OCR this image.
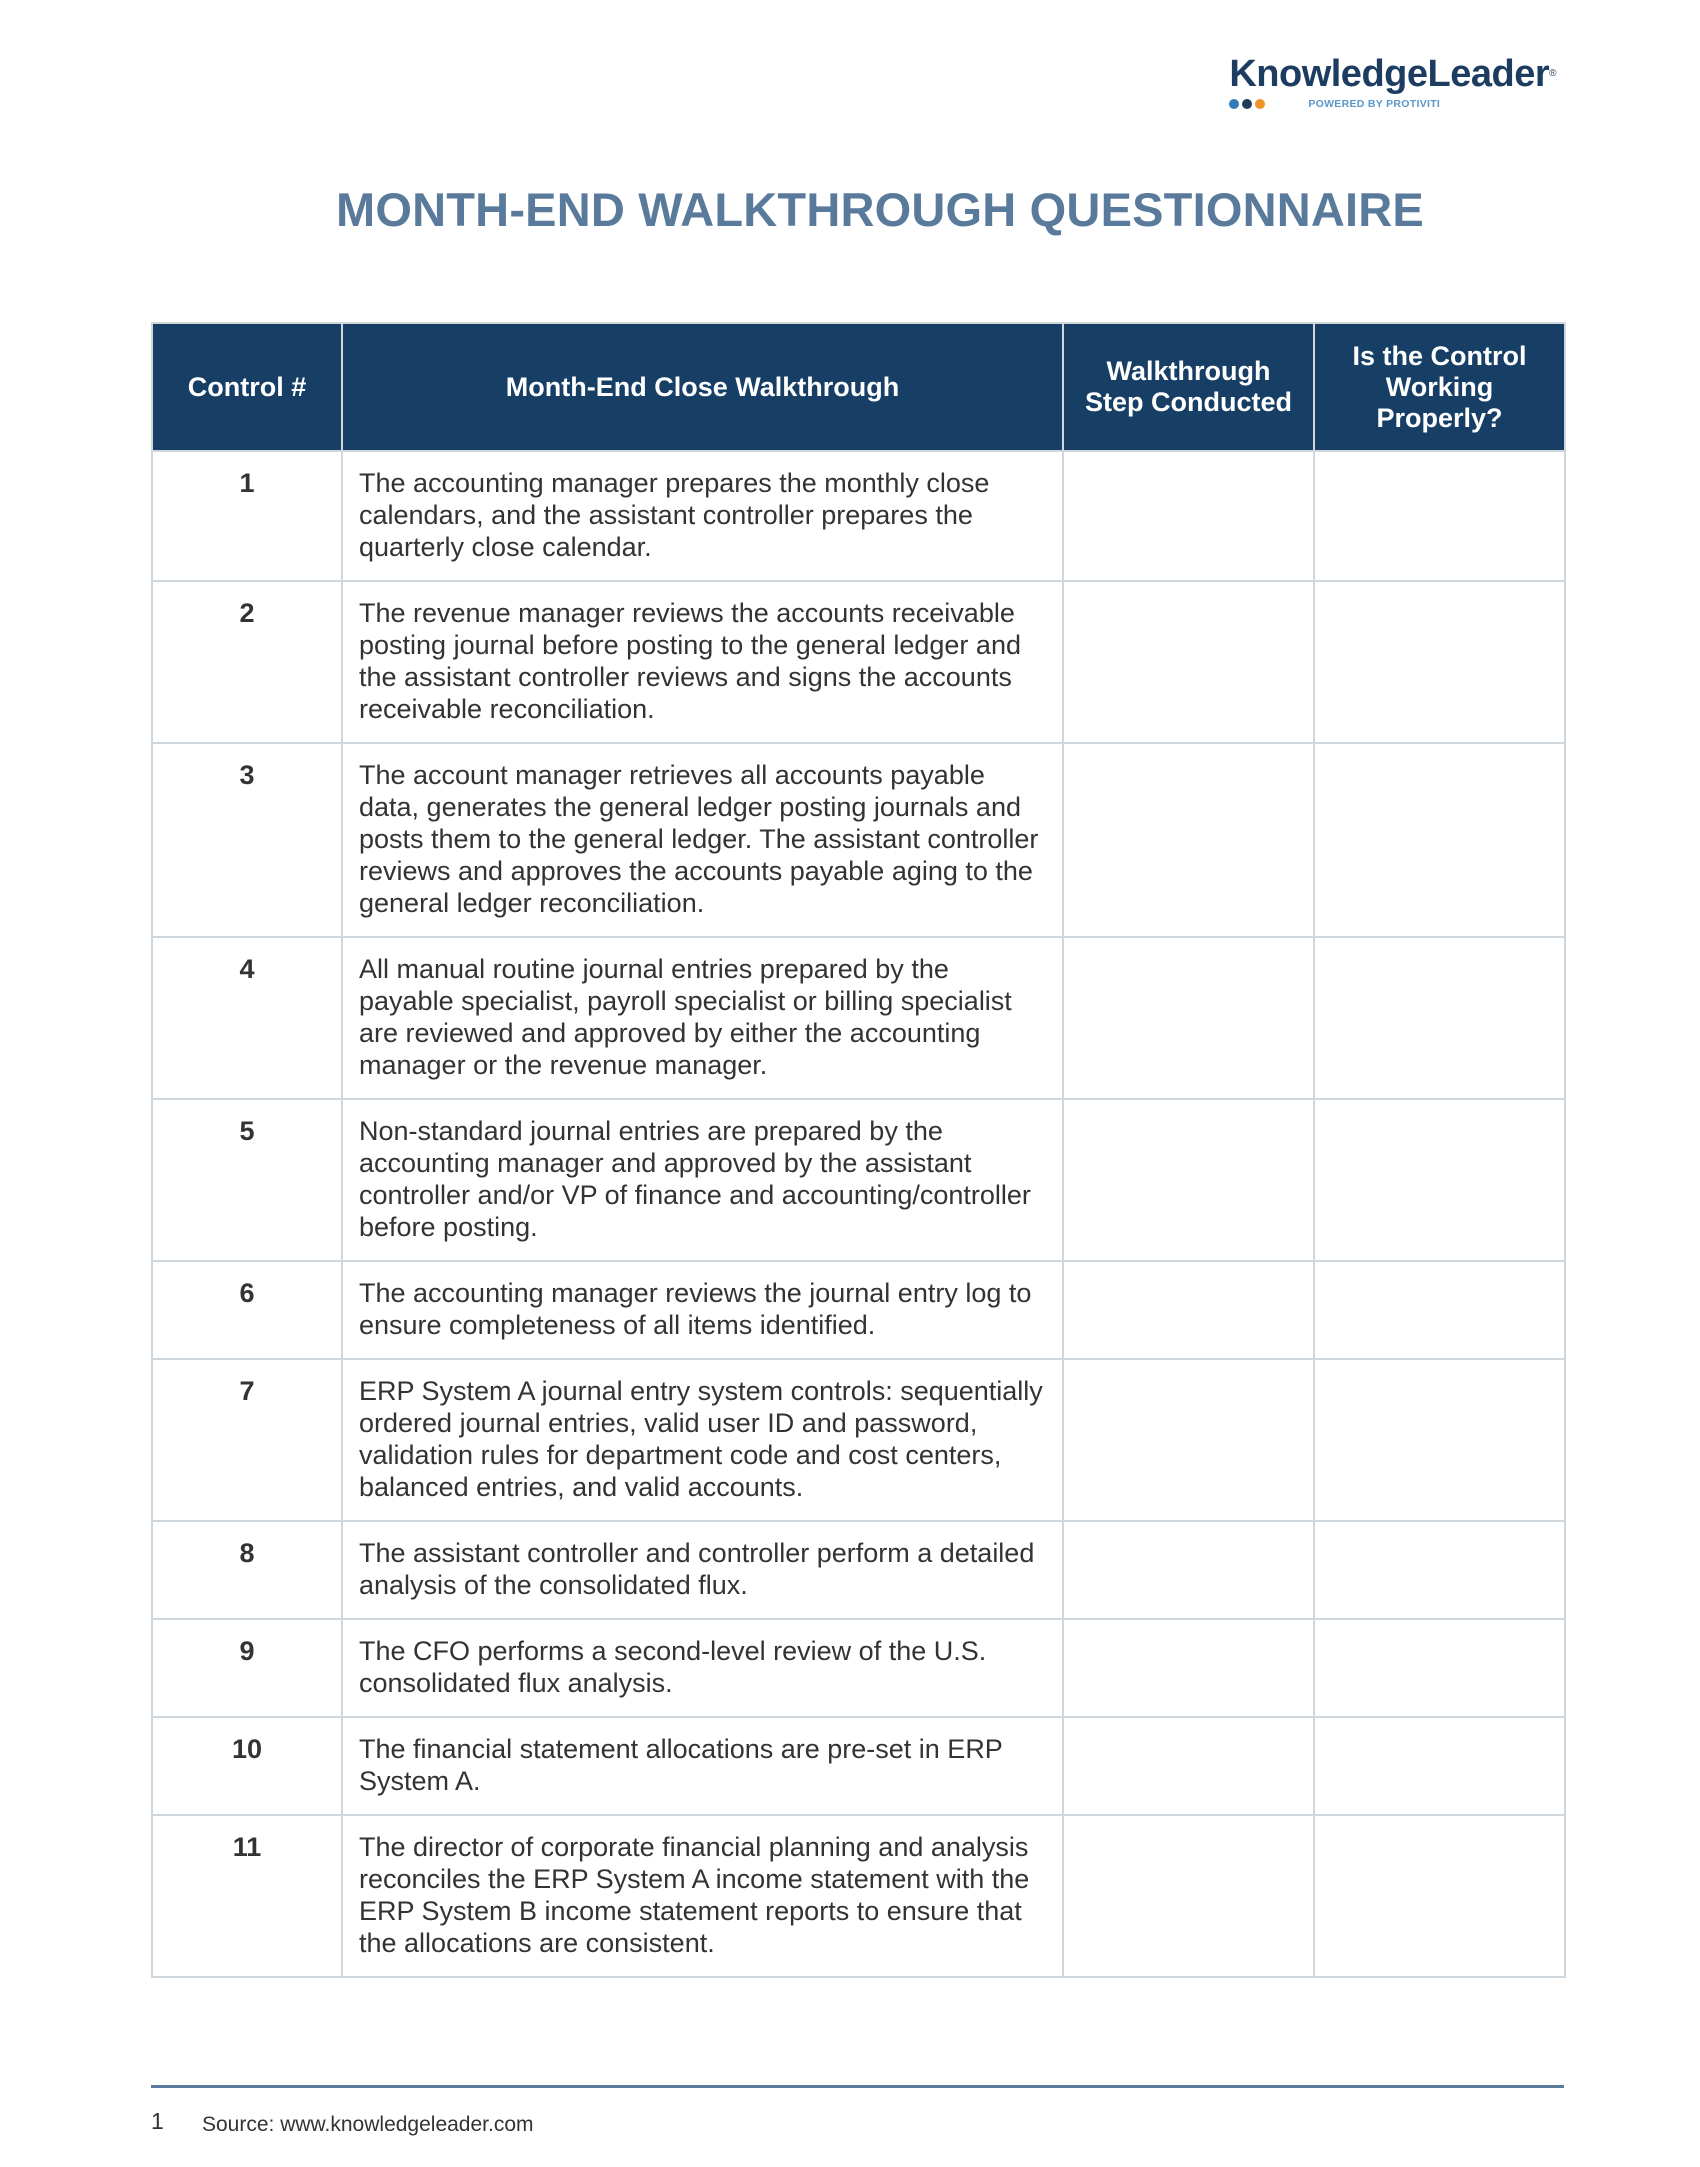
KnowledgeLeader®
POWERED BY PROTIVITI
MONTH-END WALKTHROUGH QUESTIONNAIRE
Control #	Month-End Close Walkthrough	Walkthrough Step Conducted	Is the Control Working Properly?
1	The accounting manager prepares the monthly close calendars, and the assistant controller prepares the quarterly close calendar.		
2	The revenue manager reviews the accounts receivable posting journal before posting to the general ledger and the assistant controller reviews and signs the accounts receivable reconciliation.		
3	The account manager retrieves all accounts payable data, generates the general ledger posting journals and posts them to the general ledger. The assistant controller reviews and approves the accounts payable aging to the general ledger reconciliation.		
4	All manual routine journal entries prepared by the payable specialist, payroll specialist or billing specialist are reviewed and approved by either the accounting manager or the revenue manager.		
5	Non-standard journal entries are prepared by the accounting manager and approved by the assistant controller and/or VP of finance and accounting/controller before posting.		
6	The accounting manager reviews the journal entry log to ensure completeness of all items identified.		
7	ERP System A journal entry system controls: sequentially ordered journal entries, valid user ID and password, validation rules for department code and cost centers, balanced entries, and valid accounts.		
8	The assistant controller and controller perform a detailed analysis of the consolidated flux.		
9	The CFO performs a second-level review of the U.S. consolidated flux analysis.		
10	The financial statement allocations are pre-set in ERP System A.		
11	The director of corporate financial planning and analysis reconciles the ERP System A income statement with the ERP System B income statement reports to ensure that the allocations are consistent.		
1 Source: www.knowledgeleader.com
